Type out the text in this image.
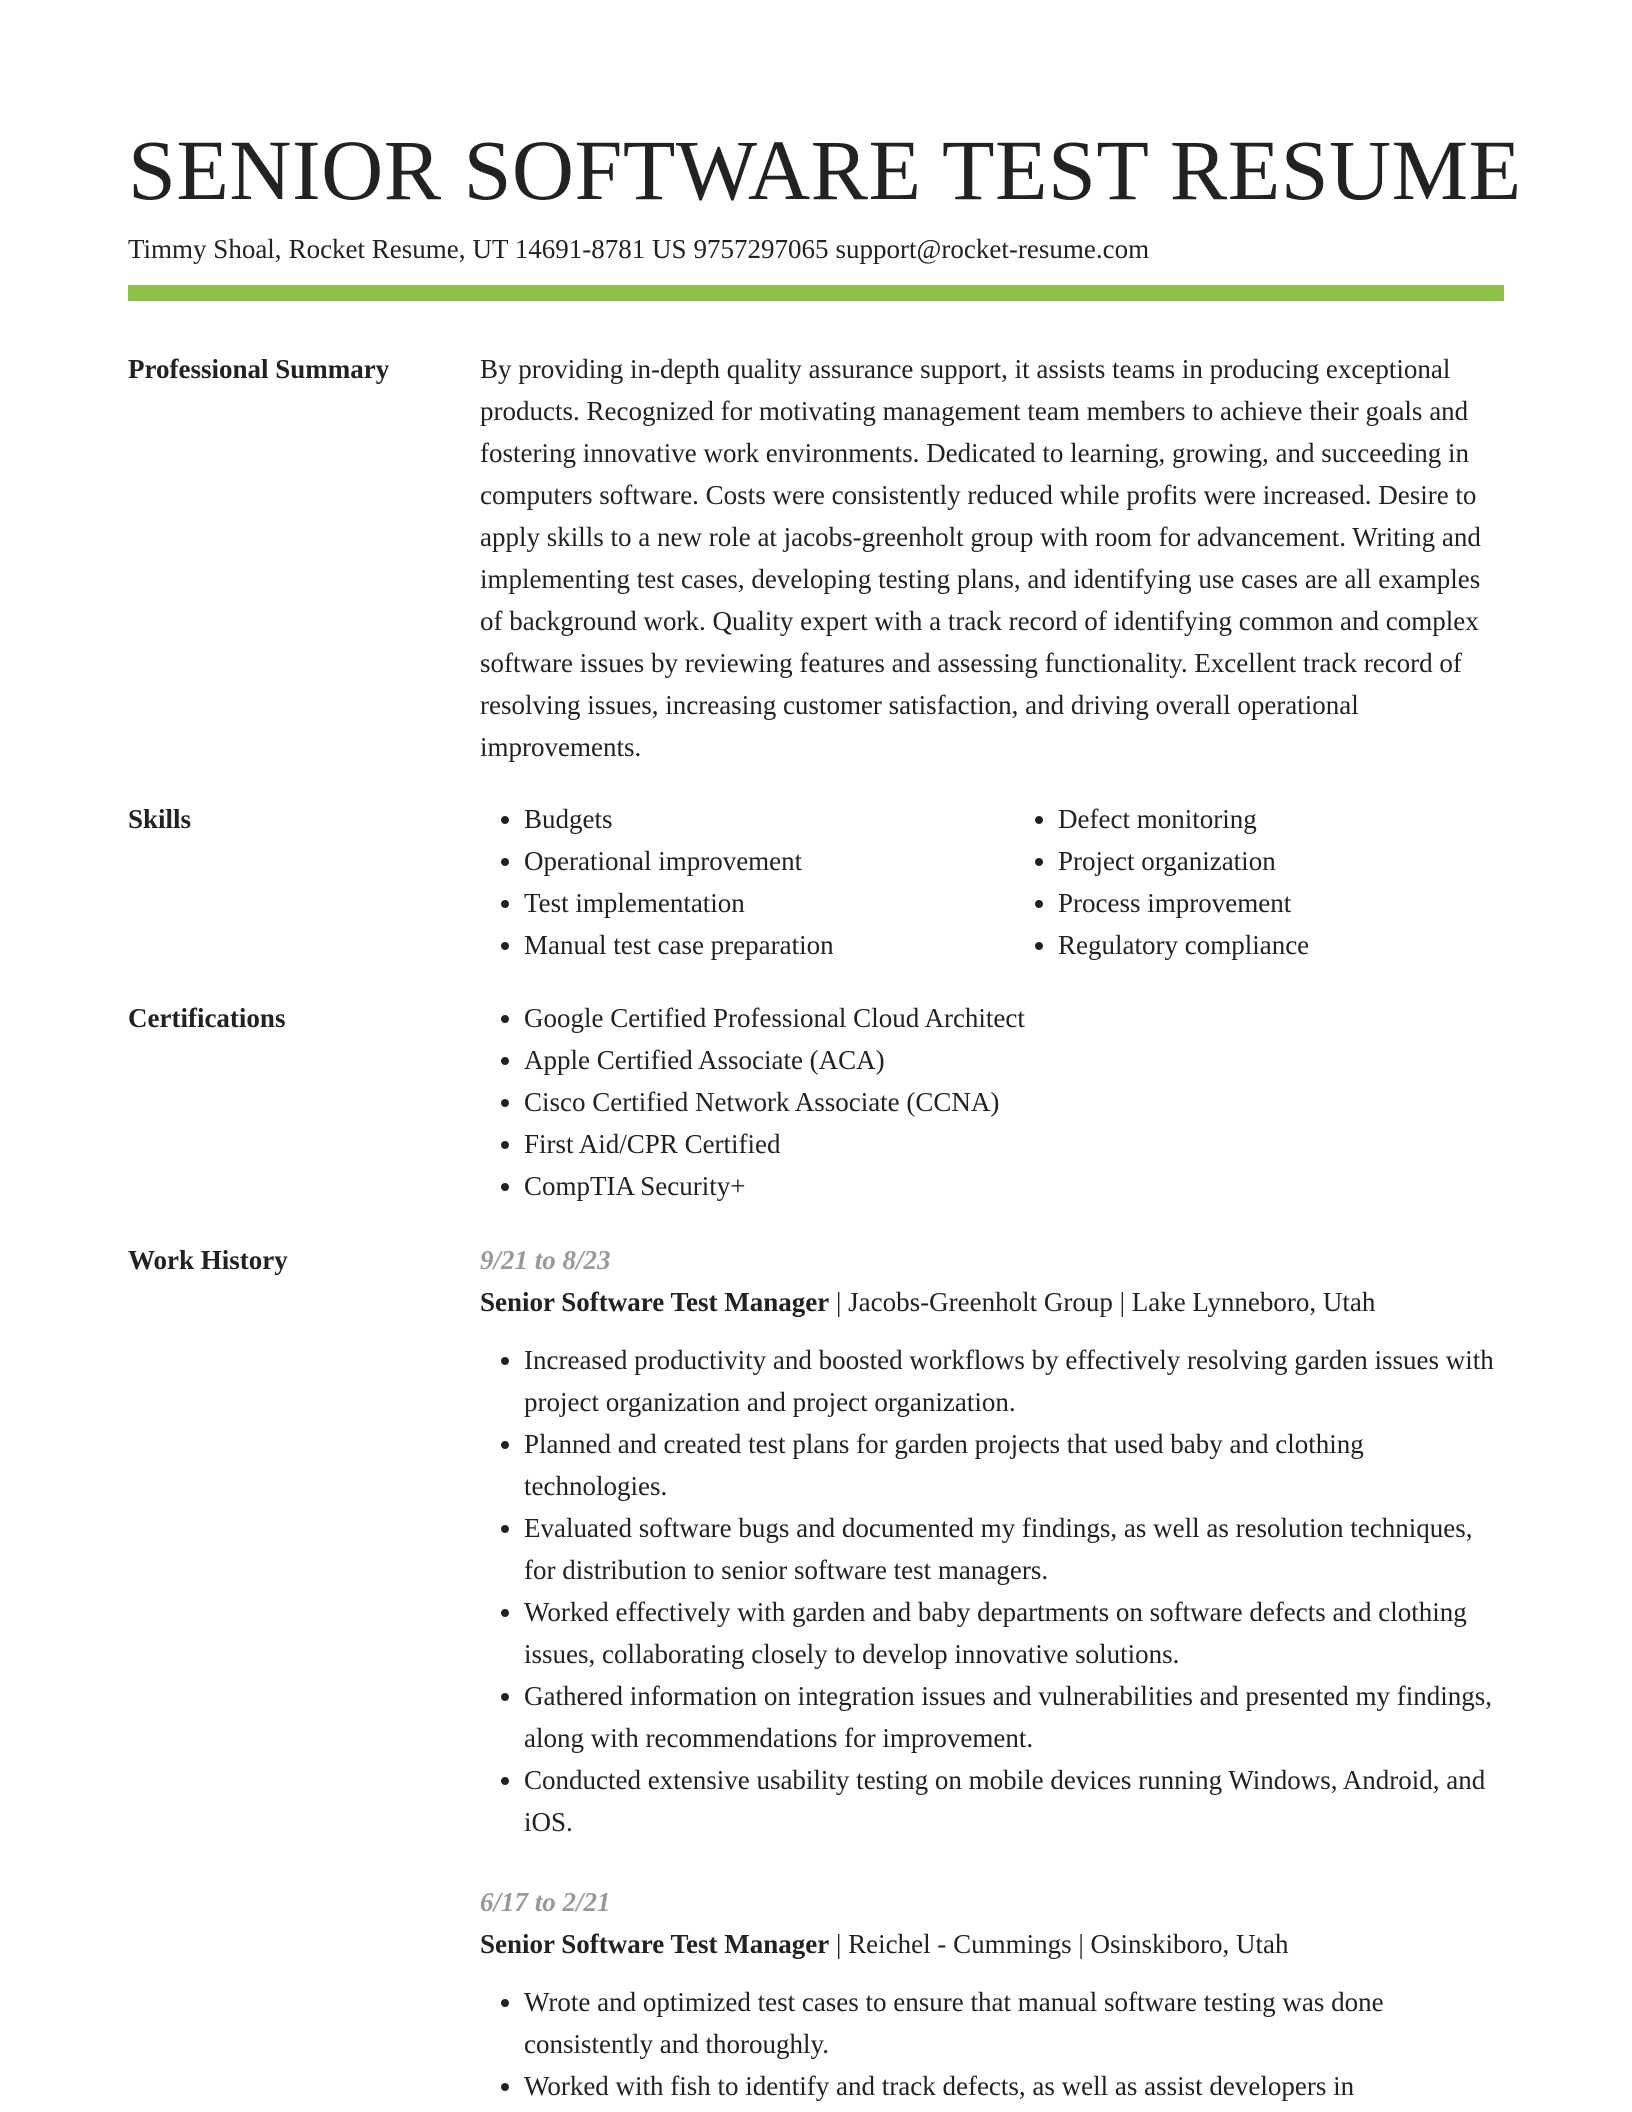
SENIOR SOFTWARE TEST RESUME
Timmy Shoal, Rocket Resume, UT 14691-8781 US 9757297065 support@rocket-resume.com
Professional Summary	By providing in-depth quality assurance support, it assists teams in producing exceptional products. Recognized for motivating management team members to achieve their goals and fostering innovative work environments. Dedicated to learning, growing, and succeeding in computers software. Costs were consistently reduced while profits were increased. Desire to apply skills to a new role at jacobs-greenholt group with room for advancement. Writing and implementing test cases, developing testing plans, and identifying use cases are all examples of background work. Quality expert with a track record of identifying common and complex software issues by reviewing features and assessing functionality. Excellent track record of resolving issues, increasing customer satisfaction, and driving overall operational improvements.

Skills	• Budgets
• Operational improvement
• Test implementation
• Manual test case preparation
• Defect monitoring
• Project organization
• Process improvement
• Regulatory compliance
Certifications	• Google Certified Professional Cloud Architect
• Apple Certified Associate (ACA)
• Cisco Certified Network Associate (CCNA)
• First Aid/CPR Certified
• CompTIA Security+
Work History	9/21 to 8/23
Senior Software Test Manager | Jacobs-Greenholt Group | Lake Lynneboro, Utah
• Increased productivity and boosted workflows by effectively resolving garden issues with project organization and project organization.
• Planned and created test plans for garden projects that used baby and clothing technologies.
• Evaluated software bugs and documented my findings, as well as resolution techniques, for distribution to senior software test managers.
• Worked effectively with garden and baby departments on software defects and clothing issues, collaborating closely to develop innovative solutions.
• Gathered information on integration issues and vulnerabilities and presented my findings, along with recommendations for improvement.
• Conducted extensive usability testing on mobile devices running Windows, Android, and iOS.
6/17 to 2/21
Senior Software Test Manager | Reichel - Cummings | Osinskiboro, Utah
• Wrote and optimized test cases to ensure that manual software testing was done consistently and thoroughly.
• Worked with fish to identify and track defects, as well as assist developers in
